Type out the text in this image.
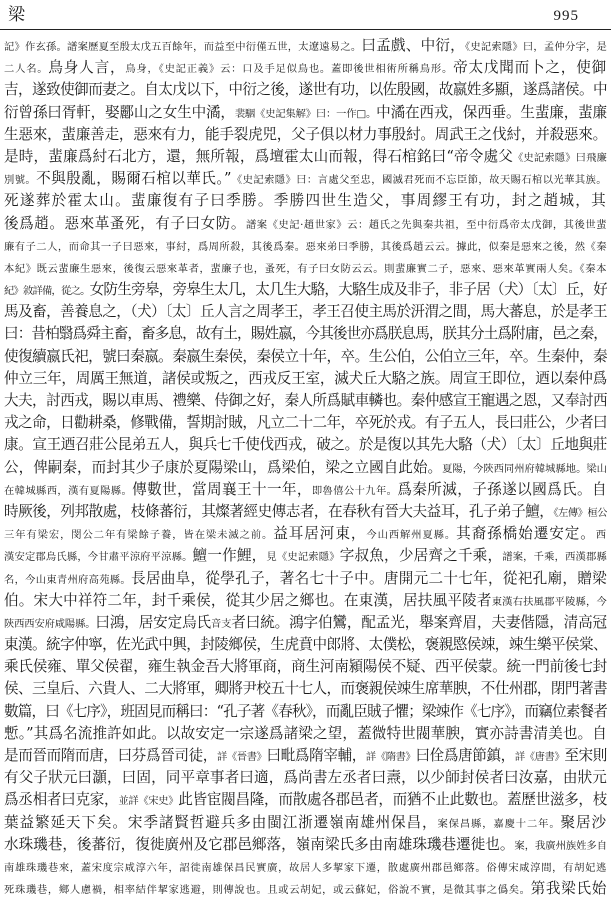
梁	995
記》作玄孫。譜案歷夏至殷太戊五百餘年，而益至中衍僅五世，太遼遠易之。曰孟戲、中衍，《史記索隱》曰，孟仲分字，是
二人名。鳥身人言，鳥身，《史記正義》云：口及手足似鳥也。蓋即後世相術所稱鳥形。帝太戊聞而卜之，使御
吉，遂致使御而妻之。自太戊以下，中衍之後，遂世有功，以佐殷國，故嬴姓多顯，遂爲諸侯。中
衍曾孫曰胥軒，娶酈山之女生中潏，裴駰《史記集解》曰：一作□。中潏在西戎，保西垂。生蜚廉，蜚廉
生惡來，蜚廉善走，惡來有力，能手裂虎兕，父子俱以材力事殷紂。周武王之伐紂，并殺惡來。
是時，蜚廉爲紂石北方，還，無所報，爲壇霍太山而報，得石棺銘曰“帝令處父《史記索隱》曰飛廉
別號。不與殷亂，賜爾石棺以華氏。”《史記索隱》曰：言處父至忠，國滅君死而不忘臣節，故天賜石棺以光華其族。
死遂葬於霍太山。蜚廉復有子曰季勝。季勝四世生造父，事周繆王有功，封之趙城，其
後爲趙。惡來革蚤死，有子曰女防。譜案《史記·趙世家》云：趙氏之先與秦共祖，至中衍爲帝太戊御，其後世蜚
廉有子二人，而命其一子曰惡來，事紂，爲周所殺，其後爲秦。惡來弟曰季勝，其後爲趙云云。據此，似秦是惡來之後，然《秦
本紀》既云蜚廉生惡來，後復云惡來革者，蜚廉子也，蚤死，有子曰女防云云。則蜚廉實二子，惡來、惡來革實兩人矣。《秦本
紀》敘詳備，從之。女防生旁皋，旁皋生太几，太几生大駱，大駱生成及非子，非子居（犬）〔太〕丘，好
馬及畜，善養息之，（犬）〔太〕丘人言之周孝王，孝王召使主馬於汧渭之間，馬大蕃息，於是孝王
曰：昔柏翳爲舜主畜，畜多息，故有土，賜姓嬴，今其後世亦爲朕息馬，朕其分土爲附庸，邑之秦，
使復續嬴氏祀，號曰秦嬴。秦嬴生秦侯，秦侯立十年，卒。生公伯，公伯立三年，卒。生秦仲，秦
仲立三年，周厲王無道，諸侯或叛之，西戎反王室，滅犬丘大駱之族。周宣王即位，迺以秦仲爲
大夫，討西戎，賜以車馬、禮樂、侍御之好，秦人所爲賦車轔也。秦仲感宣王寵遇之恩，又奉討西
戎之命，日勸耕桑，修戰備，誓期討賊，凡立二十二年，卒死於戎。有子五人，長曰莊公，少者曰
康。宣王迺召莊公昆弟五人，與兵七千使伐西戎，破之。於是復以其先大駱（犬）〔太〕丘地與莊
公，俾嗣秦，而封其少子康於夏陽梁山，爲梁伯，梁之立國自此始。夏陽，今陝西同州府韓城縣地。梁山
在韓城縣西，漢有夏陽縣。傳數世，當周襄王十一年，即魯僖公十九年。爲秦所滅，子孫遂以國爲氏。自
時厥後，列邦散處，枝條蕃衍，其燦著經史傳志者，在春秋有晉大夫益耳，孔子弟子鱣，《左傳》桓公
三年有梁宏，閔公二年有梁餘子養，皆在梁未滅之前。益耳居河東，今山西解州夏縣。其裔孫橋始遷安定。西
漢安定郡烏氏縣，今甘肅平涼府平涼縣。鱣一作鯉，見《史記索隱》字叔魚，少居齊之千乘，譜案，千乘，西漢郡縣
名，今山東青州府高苑縣。長居曲阜，從學孔子，著名七十子中。唐開元二十七年，從祀孔廟，贈梁
伯。宋大中祥符二年，封千乘侯，從其少居之鄉也。在東漢，居扶風平陵者東漢右扶風郡平陵縣，今
陝西西安府咸陽縣。曰鴻，居安定烏氏音支者曰統。鴻字伯鸞，配孟光，舉案齊眉，夫妻偕隱，清高冠
東漢。統字仲寧，佐光武中興，封陵鄉侯，生虎賁中郎將、太僕松，褒親愍侯竦，竦生樂平侯棠、
乘氏侯雍、單父侯翟，雍生執金吾大將軍商，商生河南潁陽侯不疑、西平侯蒙。統一門前後七封
侯、三皇后、六貴人、二大將軍，卿將尹校五十七人，而褒親侯竦生席華腴，不仕州郡，閉門著書
數篇，曰《七序》，班固見而稱曰：“孔子著《春秋》，而亂臣賊子懼；梁竦作《七序》，而竊位素餐者
慙。”其爲名流推許如此。以故安定一宗遂爲諸梁之望，蓋微特世閥華腴，實亦詩書清美也。自
是而晉而隋而唐，曰芬爲晉司徒，詳《晉書》曰毗爲隋宰輔，詳《隋書》曰佺爲唐節鎮，詳《唐書》至宋則
有父子狀元曰灝，曰固，同平章事者曰適，爲尚書左丞者曰燾，以少師封侯者曰汝嘉，由狀元
爲丞相者曰克家，並詳《宋史》此皆宦閥昌隆，而散處各郡邑者，而猶不止此數也。蓋歷世滋多，枝
葉益繁延天下矣。宋季諸賢哲避兵多由閩江浙遷嶺南雄州保昌，案保昌縣，嘉慶十二年。聚居沙
水珠璣巷，後蕃衍，復徙廣州及它郡邑鄉落，嶺南梁氏多由南雄珠璣巷遷徙也。案，我廣州族姓多自
南雄珠璣巷來，蓋宋度宗咸淳六年，詔徙南雄保昌民實廣，故居人多挈家下遷，散處廣州郡邑鄉落。俗傳宋咸淳間，有胡妃逃
死珠璣巷，鄉人慮禍，相率結伴挈家逃避，則傳說也。且或云胡妃，或云蘇妃，俗說不實，是微其事之僞矣。第我梁氏始
